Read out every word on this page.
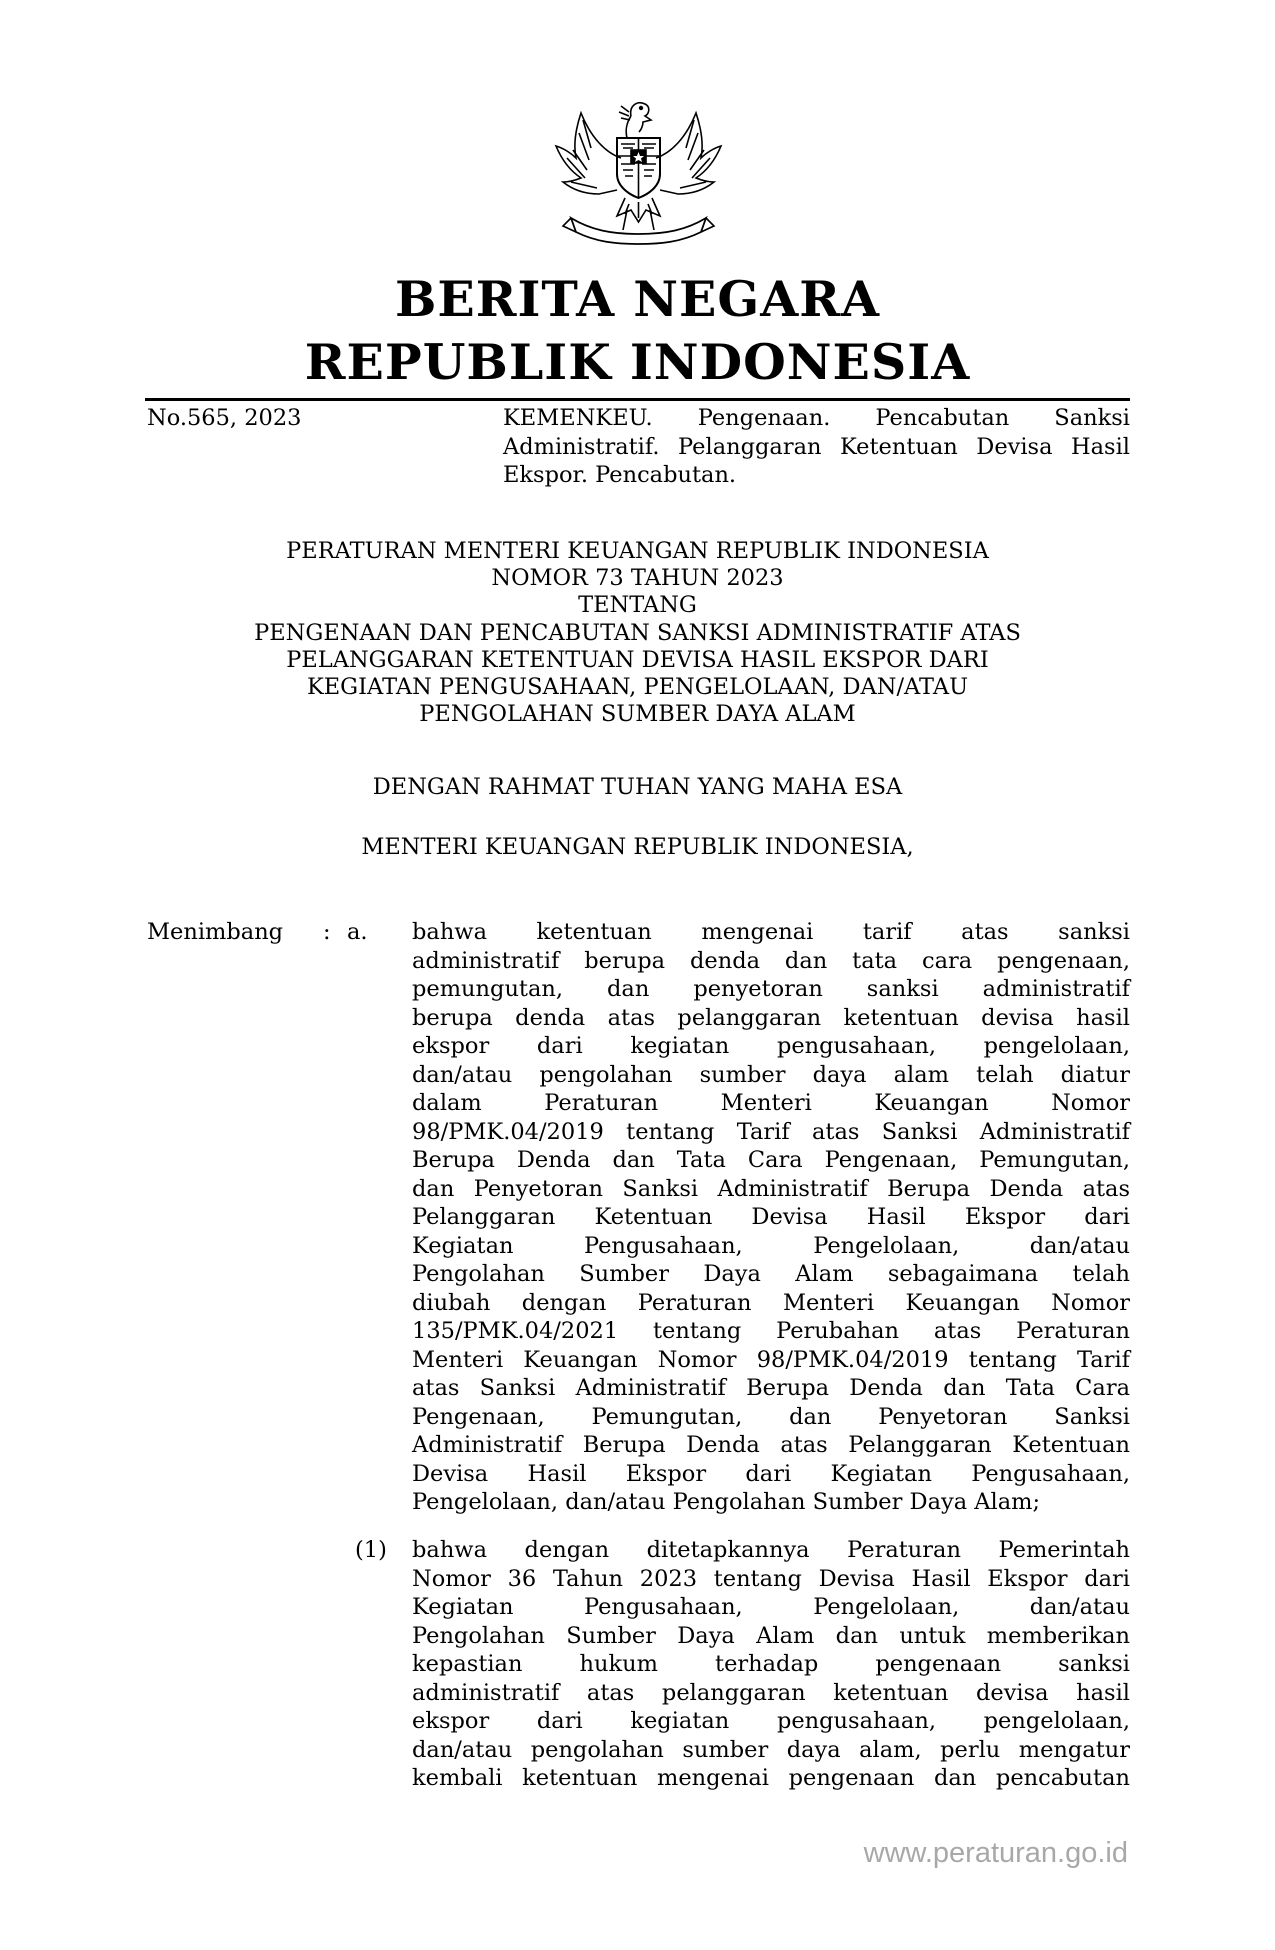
BERITA NEGARA
REPUBLIK INDONESIA
No.565, 2023	KEMENKEU. Pengenaan. Pencabutan Sanksi
Administratif. Pelanggaran Ketentuan Devisa Hasil
Ekspor. Pencabutan.
PERATURAN MENTERI KEUANGAN REPUBLIK INDONESIA
NOMOR 73 TAHUN 2023
TENTANG
PENGENAAN DAN PENCABUTAN SANKSI ADMINISTRATIF ATAS
PELANGGARAN KETENTUAN DEVISA HASIL EKSPOR DARI
KEGIATAN PENGUSAHAAN, PENGELOLAAN, DAN/ATAU
PENGOLAHAN SUMBER DAYA ALAM
DENGAN RAHMAT TUHAN YANG MAHA ESA
MENTERI KEUANGAN REPUBLIK INDONESIA,
Menimbang : a. bahwa ketentuan mengenai tarif atas sanksi
administratif berupa denda dan tata cara pengenaan,
pemungutan, dan penyetoran sanksi administratif
berupa denda atas pelanggaran ketentuan devisa hasil
ekspor dari kegiatan pengusahaan, pengelolaan,
dan/atau pengolahan sumber daya alam telah diatur
dalam Peraturan Menteri Keuangan Nomor
98/PMK.04/2019 tentang Tarif atas Sanksi Administratif
Berupa Denda dan Tata Cara Pengenaan, Pemungutan,
dan Penyetoran Sanksi Administratif Berupa Denda atas
Pelanggaran Ketentuan Devisa Hasil Ekspor dari
Kegiatan Pengusahaan, Pengelolaan, dan/atau
Pengolahan Sumber Daya Alam sebagaimana telah
diubah dengan Peraturan Menteri Keuangan Nomor
135/PMK.04/2021 tentang Perubahan atas Peraturan
Menteri Keuangan Nomor 98/PMK.04/2019 tentang Tarif
atas Sanksi Administratif Berupa Denda dan Tata Cara
Pengenaan, Pemungutan, dan Penyetoran Sanksi
Administratif Berupa Denda atas Pelanggaran Ketentuan
Devisa Hasil Ekspor dari Kegiatan Pengusahaan,
Pengelolaan, dan/atau Pengolahan Sumber Daya Alam;
(1) bahwa dengan ditetapkannya Peraturan Pemerintah
Nomor 36 Tahun 2023 tentang Devisa Hasil Ekspor dari
Kegiatan Pengusahaan, Pengelolaan, dan/atau
Pengolahan Sumber Daya Alam dan untuk memberikan
kepastian hukum terhadap pengenaan sanksi
administratif atas pelanggaran ketentuan devisa hasil
ekspor dari kegiatan pengusahaan, pengelolaan,
dan/atau pengolahan sumber daya alam, perlu mengatur
kembali ketentuan mengenai pengenaan dan pencabutan
www.peraturan.go.id
